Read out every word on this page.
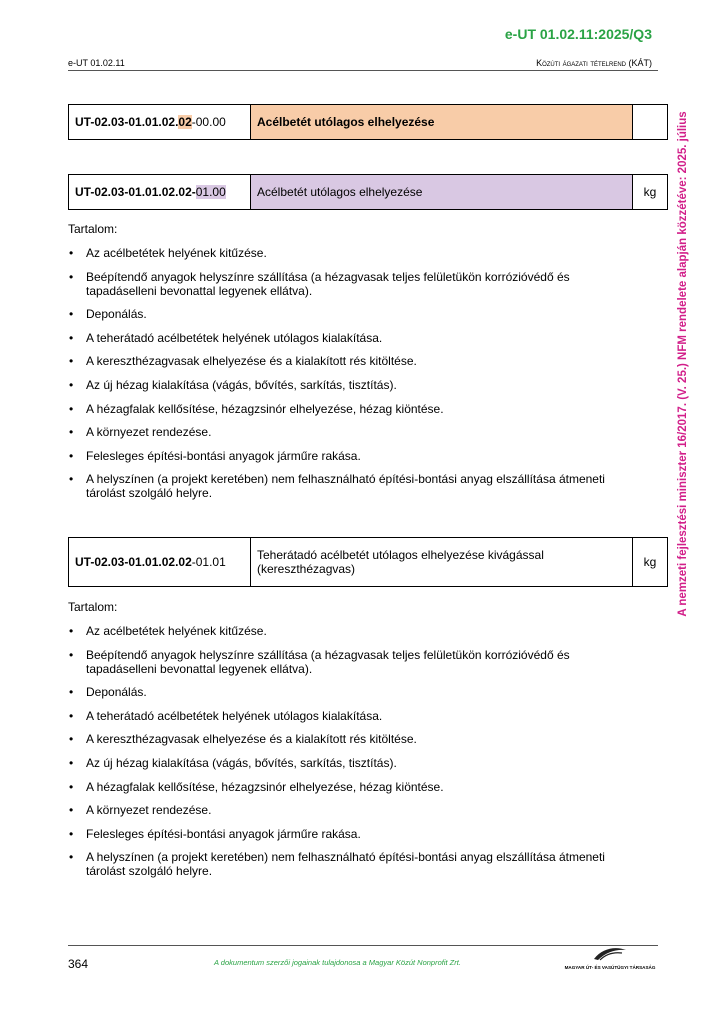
e-UT 01.02.11:2025/Q3
e-UT 01.02.11	Közúti ágazati tételrend (KÁT)
A nemzeti fejlesztési miniszter 16/2017. (V. 25.) NFM rendelete alapján közzétéve: 2025. július
UT-02.03-01.01.02. 02 -00.00	Acélbetét utólagos elhelyezése
UT-02.03-01.01.02.02- 01.00	Acélbetét utólagos elhelyezése	kg
Tartalom:
• Az acélbetétek helyének kitűzése.
• Beépítendő anyagok helyszínre szállítása (a hézagvasak teljes felületükön korrózióvédő és tapadáselleni bevonattal legyenek ellátva).
• Deponálás.
• A teherátadó acélbetétek helyének utólagos kialakítása.
• A kereszthézagvasak elhelyezése és a kialakított rés kitöltése.
• Az új hézag kialakítása (vágás, bővítés, sarkítás, tisztítás).
• A hézagfalak kellősítése, hézagzsinór elhelyezése, hézag kiöntése.
• A környezet rendezése.
• Felesleges építési-bontási anyagok járműre rakása.
• A helyszínen (a projekt keretében) nem felhasználható építési-bontási anyag elszállítása átmeneti tárolást szolgáló helyre.
UT-02.03-01.01.02.02 -01.01	Teherátadó acélbetét utólagos elhelyezése kivágással (kereszthézagvas)	kg
Tartalom:
• Az acélbetétek helyének kitűzése.
• Beépítendő anyagok helyszínre szállítása (a hézagvasak teljes felületükön korrózióvédő és tapadáselleni bevonattal legyenek ellátva).
• Deponálás.
• A teherátadó acélbetétek helyének utólagos kialakítása.
• A kereszthézagvasak elhelyezése és a kialakított rés kitöltése.
• Az új hézag kialakítása (vágás, bővítés, sarkítás, tisztítás).
• A hézagfalak kellősítése, hézagzsinór elhelyezése, hézag kiöntése.
• A környezet rendezése.
• Felesleges építési-bontási anyagok járműre rakása.
• A helyszínen (a projekt keretében) nem felhasználható építési-bontási anyag elszállítása átmeneti tárolást szolgáló helyre.
364	A dokumentum szerzői jogainak tulajdonosa a Magyar Közút Nonprofit Zrt.
MAGYAR ÚT- ÉS VASÚTÜGYI TÁRSASÁG
